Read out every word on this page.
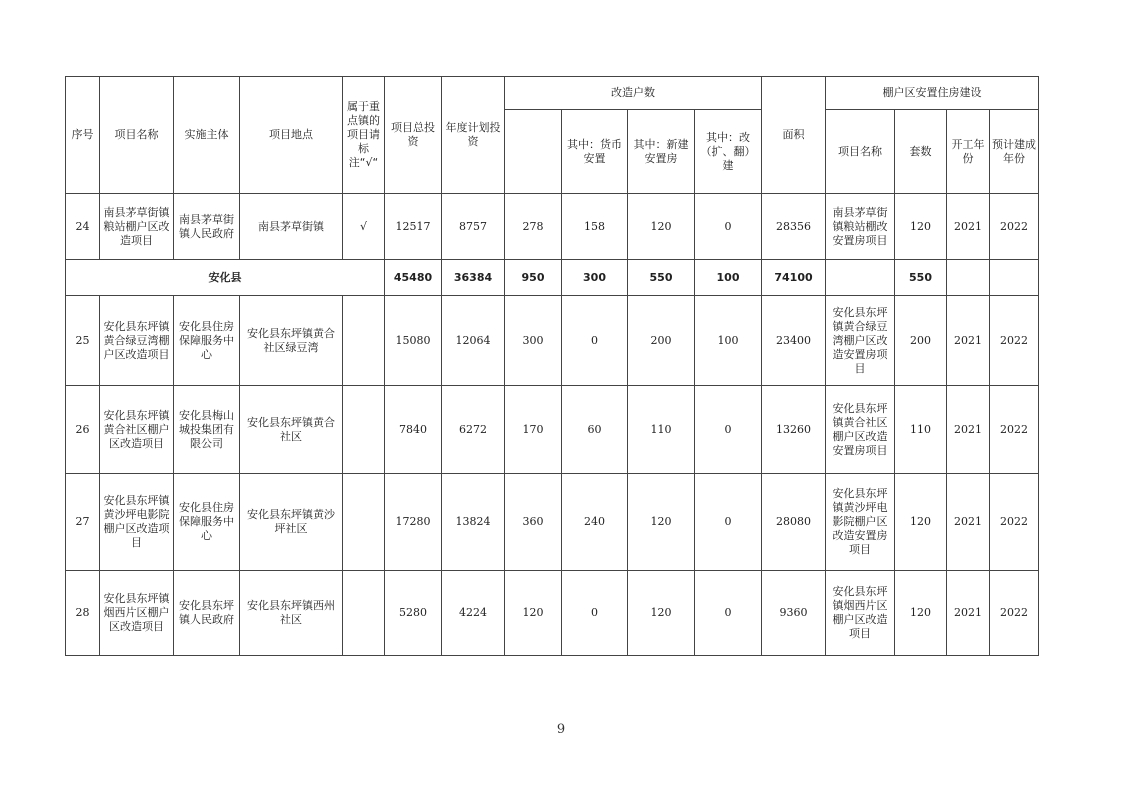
序号	项目名称	实施主体	项目地点	属于重点镇的项目请标注“√“	项目总投资	年度计划投资	改造户数				面积	棚户区安置住房建设			
								其中：货币安置	其中：新建安置房	其中：改（扩、翻）建		项目名称	套数	开工年份	预计建成年份
24	南县茅草街镇粮站棚户区改造项目	南县茅草街镇人民政府	南县茅草街镇	√	12517	8757	278	158	120	0	28356	南县茅草街镇粮站棚改安置房项目	120	2021	2022
安化县					45480	36384	950	300	550	100	74100		550		
25	安化县东坪镇黄合绿豆湾棚户区改造项目	安化县住房保障服务中心	安化县东坪镇黄合社区绿豆湾		15080	12064	300	0	200	100	23400	安化县东坪镇黄合绿豆湾棚户区改造安置房项目	200	2021	2022
26	安化县东坪镇黄合社区棚户区改造项目	安化县梅山城投集团有限公司	安化县东坪镇黄合社区		7840	6272	170	60	110	0	13260	安化县东坪镇黄合社区棚户区改造安置房项目	110	2021	2022
27	安化县东坪镇黄沙坪电影院棚户区改造项目	安化县住房保障服务中心	安化县东坪镇黄沙坪社区		17280	13824	360	240	120	0	28080	安化县东坪镇黄沙坪电影院棚户区改造安置房项目	120	2021	2022
28	安化县东坪镇烟西片区棚户区改造项目	安化县东坪镇人民政府	安化县东坪镇西州社区		5280	4224	120	0	120	0	9360	安化县东坪镇烟西片区棚户区改造项目	120	2021	2022
9
